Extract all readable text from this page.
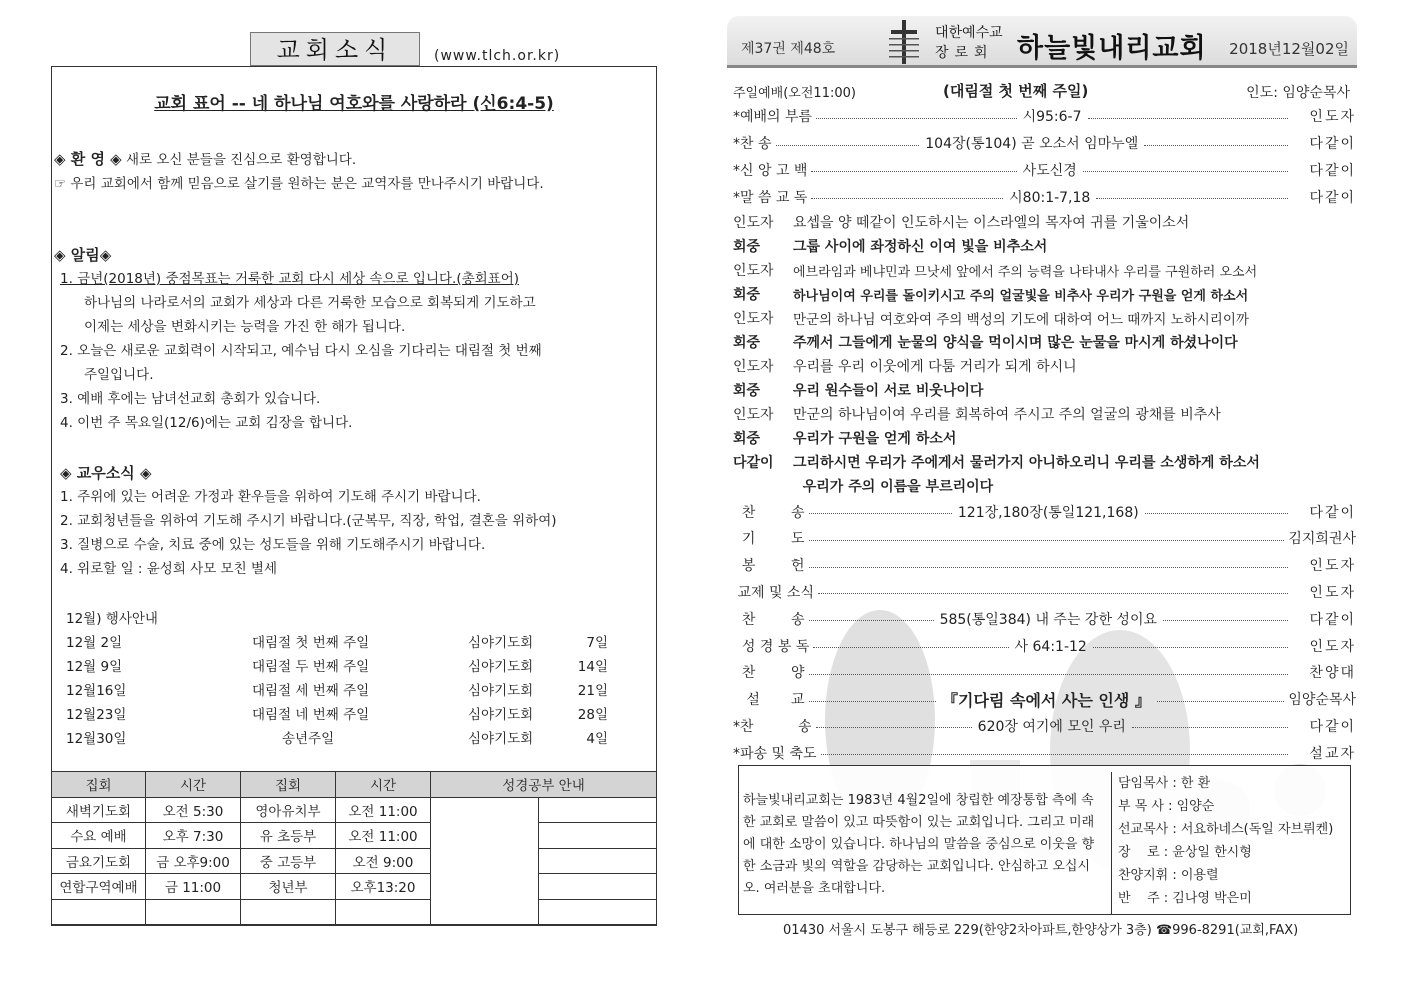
교회소식	(www.tlch.or.kr)
교회 표어 -- 네 하나님 여호와를 사랑하라 (신6:4-5)
◈ 환 영 ◈ 새로 오신 분들을 진심으로 환영합니다.
☞ 우리 교회에서 함께 믿음으로 살기를 원하는 분은 교역자를 만나주시기 바랍니다.
◈ 알림◈
1. 금년(2018년) 중점목표는 거룩한 교회 다시 세상 속으로 입니다.(총회표어)
하나님의 나라로서의 교회가 세상과 다른 거룩한 모습으로 회복되게 기도하고
이제는 세상을 변화시키는 능력을 가진 한 해가 됩니다.
2. 오늘은 새로운 교회력이 시작되고, 예수님 다시 오심을 기다리는 대림절 첫 번째
주일입니다.
3. 예배 후에는 남녀선교회 총회가 있습니다.
4. 이번 주 목요일(12/6)에는 교회 김장을 합니다.
◈ 교우소식 ◈
1. 주위에 있는 어려운 가정과 환우들을 위하여 기도해 주시기 바랍니다.
2. 교회청년들을 위하여 기도해 주시기 바랍니다.(군복무, 직장, 학업, 결혼을 위하여)
3. 질병으로 수술, 치료 중에 있는 성도들을 위해 기도해주시기 바랍니다.
4. 위로할 일 : 윤성희 사모 모친 별세
12월) 행사안내
12월 2일	대림절 첫 번째 주일	심야기도회	7일
12월 9일	대림절 두 번째 주일	심야기도회	14일
12월16일	대림절 세 번째 주일	심야기도회	21일
12월23일	대림절 네 번째 주일	심야기도회	28일
12월30일	송년주일	심야기도회	4일
집회	시간	집회	시간	성경공부 안내	
새벽기도회	오전 5:30	영아유치부	오전 11:00		
수요 예배	오후 7:30	유 초등부	오전 11:00		
금요기도회	금 오후9:00	중 고등부	오전 9:00		
연합구역예배	금 11:00	청년부	오후13:20		

제37권 제48호
대한예수교
장로회 하늘빛내리교회 2018년12월02일
주일예배(오전11:00)	(대림절 첫 번째 주일)	인도: 임양순목사
*예배의 부름	시95:6-7	인도자
*찬 송	104장(통104) 곧 오소서 임마누엘	다같이
*신 앙 고 백	사도신경	다같이
*말 씀 교 독	시80:1-7,18	다같이
인도자	요셉을 양 떼같이 인도하시는 이스라엘의 목자여 귀를 기울이소서
회중	그룹 사이에 좌정하신 이여 빛을 비추소서
인도자	에브라임과 베냐민과 므낫세 앞에서 주의 능력을 나타내사 우리를 구원하러 오소서
회중	하나님이여 우리를 돌이키시고 주의 얼굴빛을 비추사 우리가 구원을 얻게 하소서
인도자	만군의 하나님 여호와여 주의 백성의 기도에 대하여 어느 때까지 노하시리이까
회중	주께서 그들에게 눈물의 양식을 먹이시며 많은 눈물을 마시게 하셨나이다
인도자	우리를 우리 이웃에게 다툼 거리가 되게 하시니
회중	우리 원수들이 서로 비웃나이다
인도자	만군의 하나님이여 우리를 회복하여 주시고 주의 얼굴의 광채를 비추사
회중	우리가 구원을 얻게 하소서
다같이	그리하시면 우리가 주에게서 물러가지 아니하오리니 우리를 소생하게 하소서
우리가 주의 이름을 부르리이다
찬        송	121장,180장(통일121,168)	다같이
기        도	김지희권사
봉        헌	인도자
교제 및 소식	인도자
찬        송	585(통일384) 내 주는 강한 성이요	다같이
성 경 봉 독	사 64:1-12	인도자
찬        양	찬양대
설       교	『기다림 속에서 사는 인생 』	임양순목사
*찬          송	620장 여기에 모인 우리	다같이
*파송 및 축도	설교자
하늘빛내리교회는 1983년 4월2일에 창립한 예장통합 측에 속한 교회로 말씀이 있고 따뜻함이 있는 교회입니다. 그리고 미래에 대한 소망이 있습니다. 하나님의 말씀을 중심으로 이웃을 향한 소금과 빛의 역할을 감당하는 교회입니다. 안심하고 오십시오. 여러분을 초대합니다.
담임목사 : 한 환
부 목 사 : 임양순
선교목사 : 서요하네스(독일 자브뤼켄)
장    로 : 윤상일 한시형
찬양지휘 : 이용렬
반    주 : 김나영 박은미
01430 서울시 도봉구 해등로 229(한양2차아파트,한양상가 3층) ☎996-8291(교회,FAX)
